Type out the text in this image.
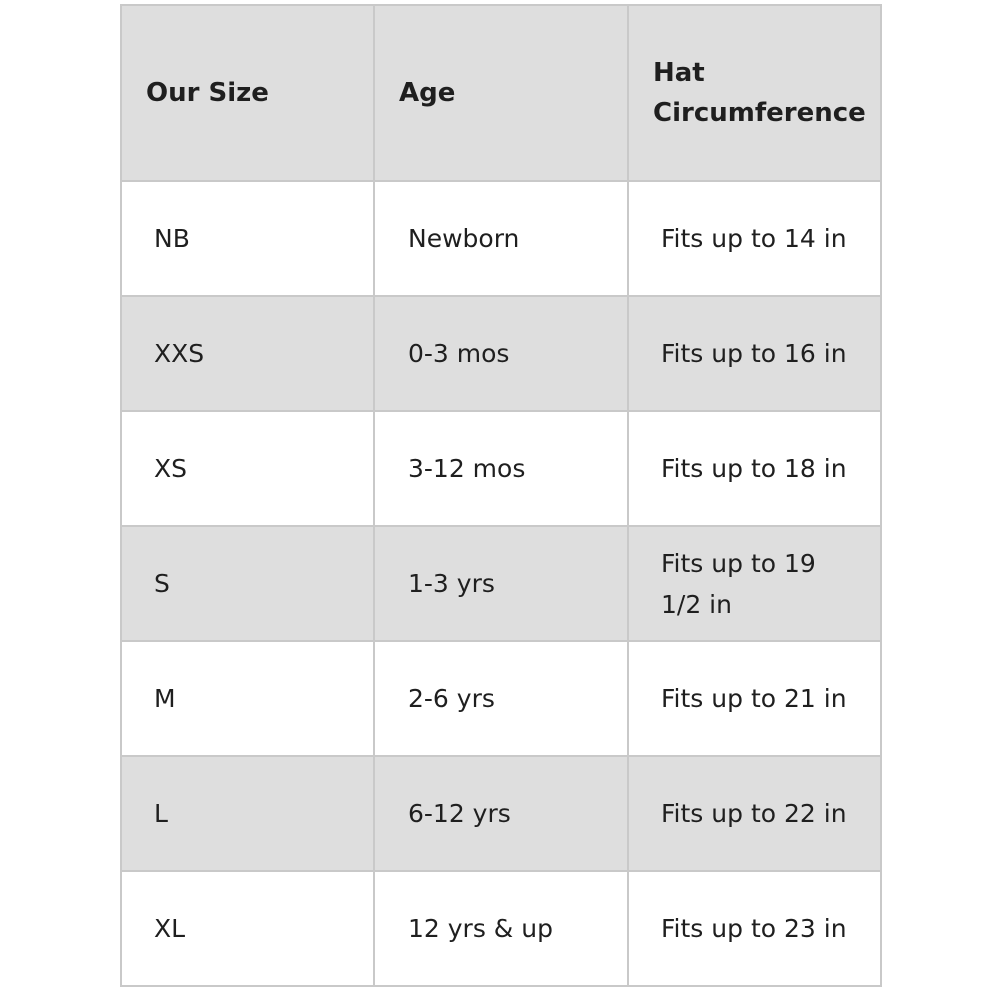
Our Size	Age	Hat Circumference
NB	Newborn	Fits up to 14 in
XXS	0-3 mos	Fits up to 16 in
XS	3-12 mos	Fits up to 18 in
S	1-3 yrs	Fits up to 19 1/2 in
M	2-6 yrs	Fits up to 21 in
L	6-12 yrs	Fits up to 22 in
XL	12 yrs & up	Fits up to 23 in
